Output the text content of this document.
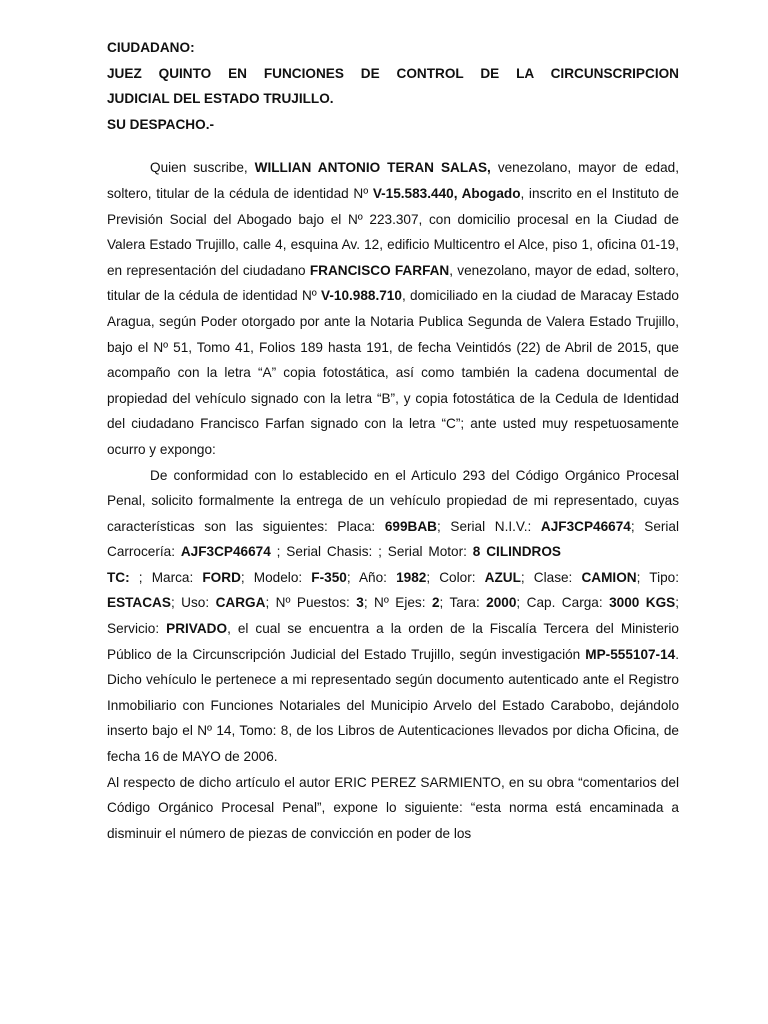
CIUDADANO:

JUEZ QUINTO EN FUNCIONES DE CONTROL DE LA CIRCUNSCRIPCION

JUDICIAL DEL ESTADO TRUJILLO.

SU DESPACHO.-

Quien suscribe, WILLIAN ANTONIO TERAN SALAS, venezolano, mayor de edad, soltero, titular de la cédula de identidad Nº V-15.583.440, Abogado, inscrito en el Instituto de Previsión Social del Abogado bajo el Nº 223.307, con domicilio procesal en la Ciudad de Valera Estado Trujillo, calle 4, esquina Av. 12, edificio Multicentro el Alce, piso 1, oficina 01-19, en representación del ciudadano FRANCISCO FARFAN, venezolano, mayor de edad, soltero, titular de la cédula de identidad Nº V-10.988.710, domiciliado en la ciudad de Maracay Estado Aragua, según Poder otorgado por ante la Notaria Publica Segunda de Valera Estado Trujillo, bajo el Nº 51, Tomo 41, Folios 189 hasta 191, de fecha Veintidós (22) de Abril de 2015, que acompaño con la letra “A” copia fotostática, así como también la cadena documental de propiedad del vehículo signado con la letra “B”, y copia fotostática de la Cedula de Identidad del ciudadano Francisco Farfan signado con la letra “C”; ante usted muy respetuosamente ocurro y expongo:

De conformidad con lo establecido en el Articulo 293 del Código Orgánico Procesal Penal, solicito formalmente la entrega de un vehículo propiedad de mi representado, cuyas características son las siguientes: Placa: 699BAB; Serial N.I.V.: AJF3CP46674; Serial Carrocería: AJF3CP46674 ; Serial Chasis: ; Serial Motor: 8 CILINDROSTC: ; Marca: FORD; Modelo: F-350; Año: 1982; Color: AZUL; Clase: CAMION; Tipo: ESTACAS; Uso: CARGA; Nº Puestos: 3; Nº Ejes: 2; Tara: 2000; Cap. Carga: 3000 KGS; Servicio: PRIVADO, el cual se encuentra a la orden de la Fiscalía Tercera del Ministerio Público de la Circunscripción Judicial del Estado Trujillo, según investigación MP-555107-14. Dicho vehículo le pertenece a mi representado según documento autenticado ante el Registro Inmobiliario con Funciones Notariales del Municipio Arvelo del Estado Carabobo, dejándolo inserto bajo el Nº 14, Tomo: 8, de los Libros de Autenticaciones llevados por dicha Oficina, de fecha 16 de MAYO de 2006.

Al respecto de dicho artículo el autor ERIC PEREZ SARMIENTO, en su obra “comentarios del Código Orgánico Procesal Penal”, expone lo siguiente: “esta norma está encaminada a disminuir el número de piezas de convicción en poder de los
